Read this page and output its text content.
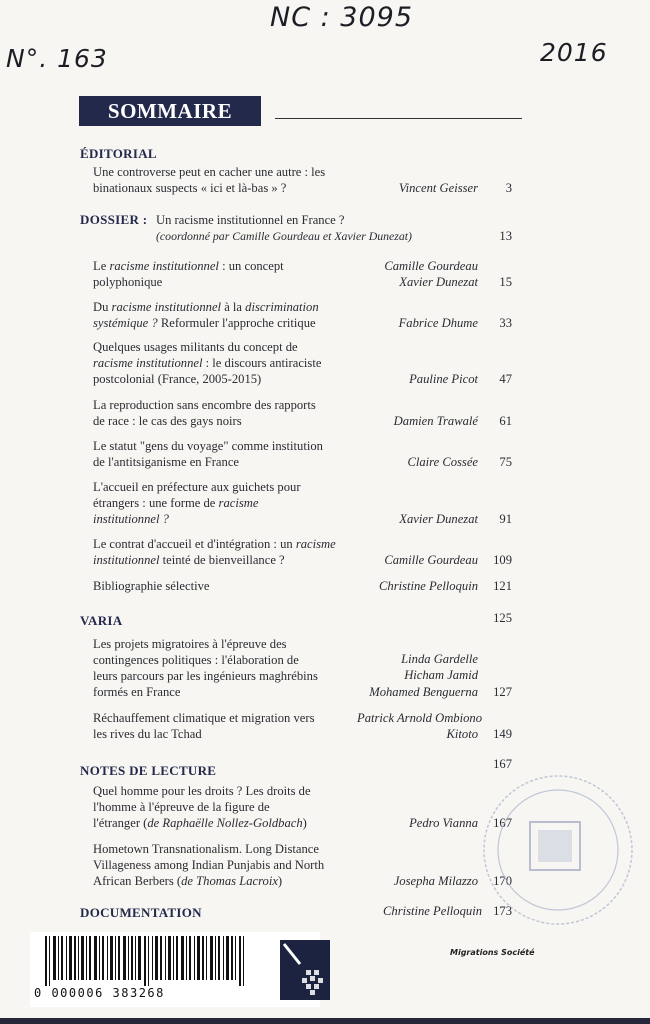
NC : 3095
N°. 163	2016
SOMMAIRE
ÉDITORIAL
Une controverse peut en cacher une autre : les
binationaux suspects « ici et là-bas » ?	Vincent Geisser	3
DOSSIER : Un racisme institutionnel en France ?
(coordonné par Camille Gourdeau et Xavier Dunezat)	13
Le racisme institutionnel : un concept
polyphonique
Camille Gourdeau
Xavier Dunezat	15
Du racisme institutionnel à la discrimination
systémique ? Reformuler l'approche critique	Fabrice Dhume	33
Quelques usages militants du concept de
racisme institutionnel : le discours antiraciste
postcolonial (France, 2005-2015)	Pauline Picot	47
La reproduction sans encombre des rapports
de race : le cas des gays noirs	Damien Trawalé	61
Le statut "gens du voyage" comme institution
de l'antitsiganisme en France	Claire Cossée	75
L'accueil en préfecture aux guichets pour
étrangers : une forme de racisme
institutionnel ?	Xavier Dunezat	91
Le contrat d'accueil et d'intégration : un racisme
institutionnel teinté de bienveillance ?	Camille Gourdeau	109
Bibliographie sélective	Christine Pelloquin	121
VARIA	125
Les projets migratoires à l'épreuve des
contingences politiques : l'élaboration de
leurs parcours par les ingénieurs maghrébins
formés en France
Linda Gardelle
Hicham Jamid
Mohamed Benguerna	127
Réchauffement climatique et migration vers
les rives du lac Tchad
Patrick Arnold Ombiono
Kitoto	149
NOTES DE LECTURE	167
Quel homme pour les droits ? Les droits de
l'homme à l'épreuve de la figure de
l'étranger (de Raphaëlle Nollez-Goldbach)	Pedro Vianna	167
Hometown Transnationalism. Long Distance
Villageness among Indian Punjabis and North
African Berbers (de Thomas Lacroix)	Josepha Milazzo	170
DOCUMENTATION	Christine Pelloquin 173
Migrations Société
0 000006 383268
